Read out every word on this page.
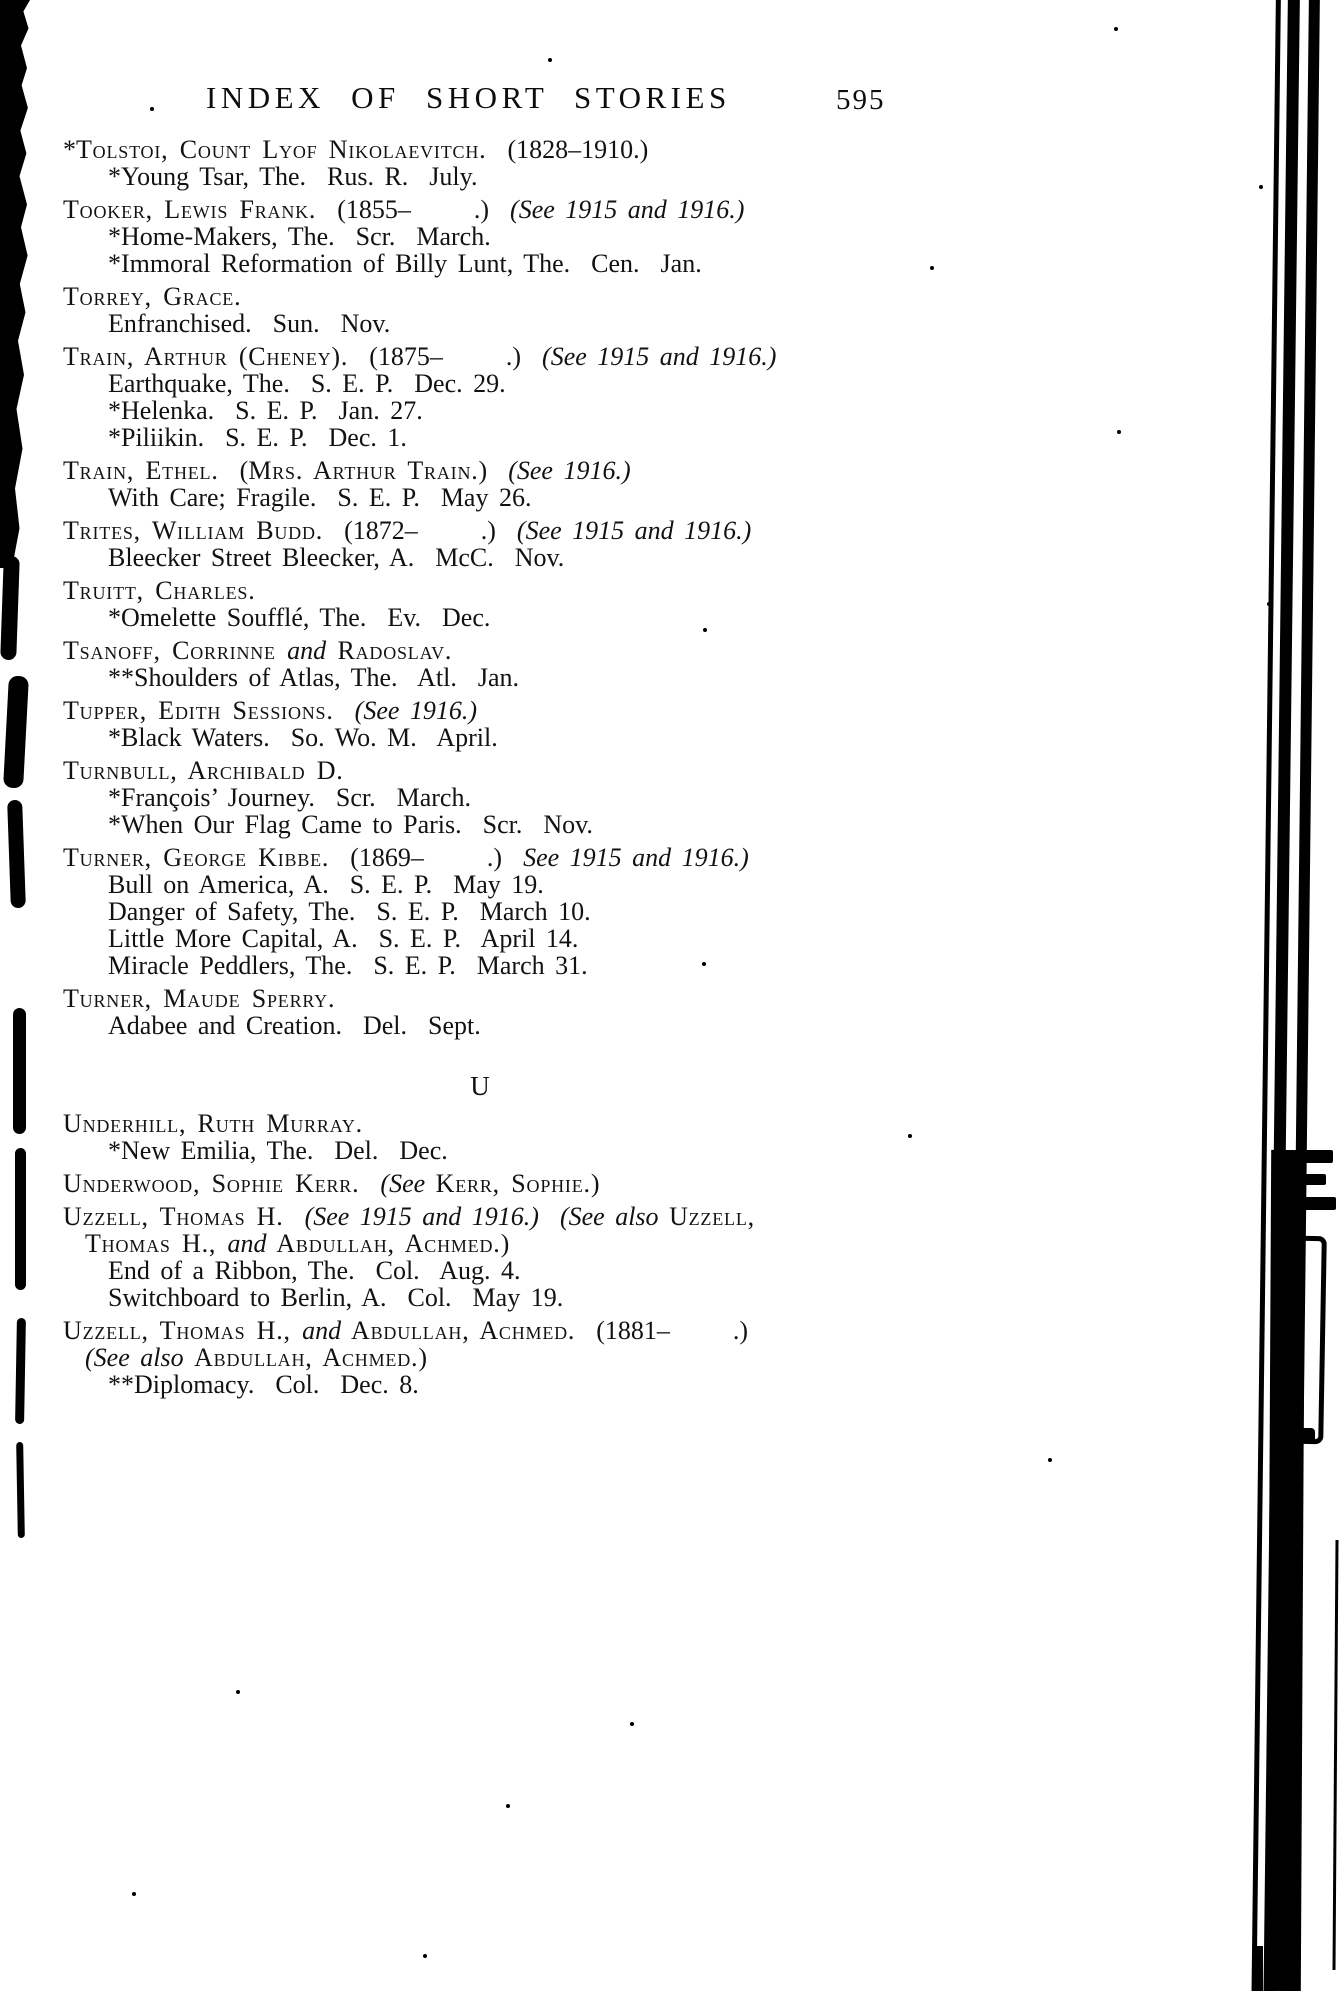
INDEX OF SHORT STORIES	595
*Tolstoi, Count Lyof Nikolaevitch.  (1828–1910.)
*Young Tsar, The.  Rus. R.  July.
Tooker, Lewis Frank.  (1855–      .)  (See 1915 and 1916.)
*Home-Makers, The.  Scr.  March.
*Immoral Reformation of Billy Lunt, The.  Cen.  Jan.
Torrey, Grace.
Enfranchised.  Sun.  Nov.
Train, Arthur (Cheney).  (1875–      .)  (See 1915 and 1916.)
Earthquake, The.  S. E. P.  Dec. 29.
*Helenka.  S. E. P.  Jan. 27.
*Piliikin.  S. E. P.  Dec. 1.
Train, Ethel.  (Mrs. Arthur Train.)  (See 1916.)
With Care; Fragile.  S. E. P.  May 26.
Trites, William Budd.  (1872–      .)  (See 1915 and 1916.)
Bleecker Street Bleecker, A.  McC.  Nov.
Truitt, Charles.
*Omelette Soufflé, The.  Ev.  Dec.
Tsanoff, Corrinne and Radoslav.
**Shoulders of Atlas, The.  Atl.  Jan.
Tupper, Edith Sessions. (See 1916.)
*Black Waters.  So. Wo. M.  April.
Turnbull, Archibald D.
*François’ Journey.  Scr.  March.
*When Our Flag Came to Paris.  Scr.  Nov.
Turner, George Kibbe.  (1869–      .)  See 1915 and 1916.)
Bull on America, A.  S. E. P.  May 19.
Danger of Safety, The.  S. E. P.  March 10.
Little More Capital, A.  S. E. P.  April 14.
Miracle Peddlers, The.  S. E. P.  March 31.
Turner, Maude Sperry.
Adabee and Creation.  Del.  Sept.
U
Underhill, Ruth Murray.
*New Emilia, The.  Del.  Dec.
Underwood, Sophie Kerr. (See Kerr, Sophie.)
Uzzell, Thomas H. (See 1915 and 1916.) (See also Uzzell,
Thomas H., and Abdullah, Achmed.)
End of a Ribbon, The.  Col.  Aug. 4.
Switchboard to Berlin, A.  Col.  May 19.
Uzzell, Thomas H., and Abdullah, Achmed.  (1881–      .)
(See also Abdullah, Achmed.)
**Diplomacy.  Col.  Dec. 8.
